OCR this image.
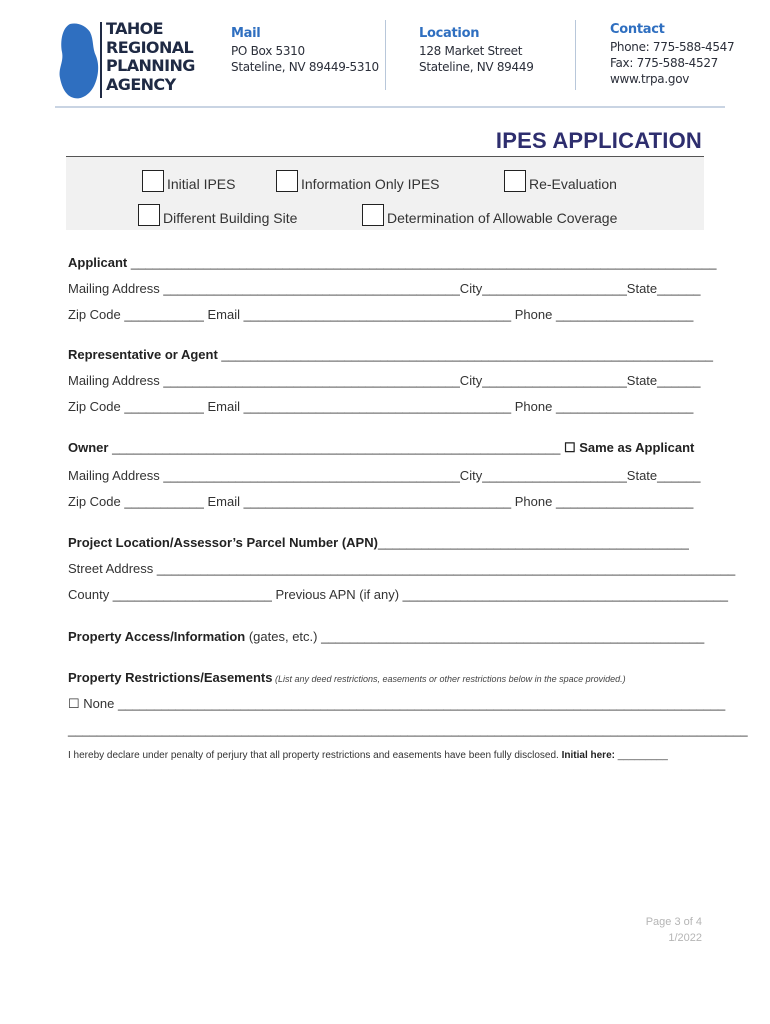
TAHOE
REGIONAL
PLANNING
AGENCY
Mail
PO Box 5310
Stateline, NV 89449-5310
Location
128 Market Street
Stateline, NV 89449
Contact
Phone: 775-588-4547
Fax: 775-588-4527
www.trpa.gov
IPES APPLICATION
Initial IPES	Information Only IPES	Re-Evaluation
Different Building Site	Determination of Allowable Coverage
Applicant _________________________________________________________________________________
Mailing Address _________________________________________City____________________State______
Zip Code ___________ Email _____________________________________ Phone ___________________
Representative or Agent ____________________________________________________________________
Mailing Address _________________________________________City____________________State______
Zip Code ___________ Email _____________________________________ Phone ___________________
Owner ______________________________________________________________ ☐ Same as Applicant
Mailing Address _________________________________________City____________________State______
Zip Code ___________ Email _____________________________________ Phone ___________________
Project Location/Assessor’s Parcel Number (APN)___________________________________________
Street Address ________________________________________________________________________________
County ______________________ Previous APN (if any) _____________________________________________
Property Access/Information (gates, etc.) _____________________________________________________
Property Restrictions/Easements (List any deed restrictions, easements or other restrictions below in the space provided.)
☐ None ____________________________________________________________________________________
______________________________________________________________________________________________
I hereby declare under penalty of perjury that all property restrictions and easements have been fully disclosed. Initial here: _________
Page 3 of 4
1/2022
